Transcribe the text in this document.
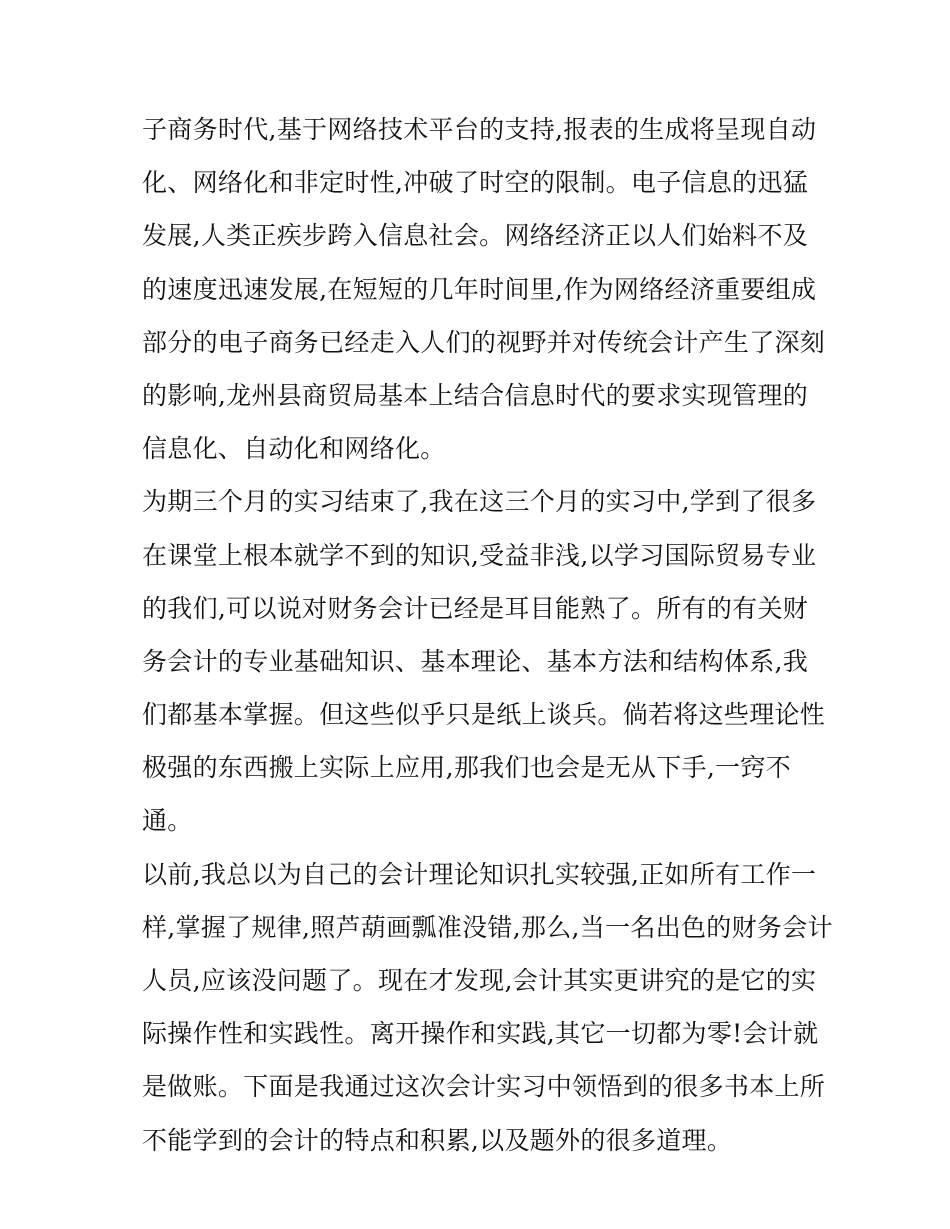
子商务时代,基于网络技术平台的支持,报表的生成将呈现自动
化、网络化和非定时性,冲破了时空的限制。电子信息的迅猛
发展,人类正疾步跨入信息社会。网络经济正以人们始料不及
的速度迅速发展,在短短的几年时间里,作为网络经济重要组成
部分的电子商务已经走入人们的视野并对传统会计产生了深刻
的影响,龙州县商贸局基本上结合信息时代的要求实现管理的
信息化、自动化和网络化。
为期三个月的实习结束了,我在这三个月的实习中,学到了很多
在课堂上根本就学不到的知识,受益非浅,以学习国际贸易专业
的我们,可以说对财务会计已经是耳目能熟了。所有的有关财
务会计的专业基础知识、基本理论、基本方法和结构体系,我
们都基本掌握。但这些似乎只是纸上谈兵。倘若将这些理论性
极强的东西搬上实际上应用,那我们也会是无从下手,一窍不
通。
以前,我总以为自己的会计理论知识扎实较强,正如所有工作一
样,掌握了规律,照芦葫画瓢准没错,那么,当一名出色的财务会计
人员,应该没问题了。现在才发现,会计其实更讲究的是它的实
际操作性和实践性。离开操作和实践,其它一切都为零!会计就
是做账。下面是我通过这次会计实习中领悟到的很多书本上所
不能学到的会计的特点和积累,以及题外的很多道理。
